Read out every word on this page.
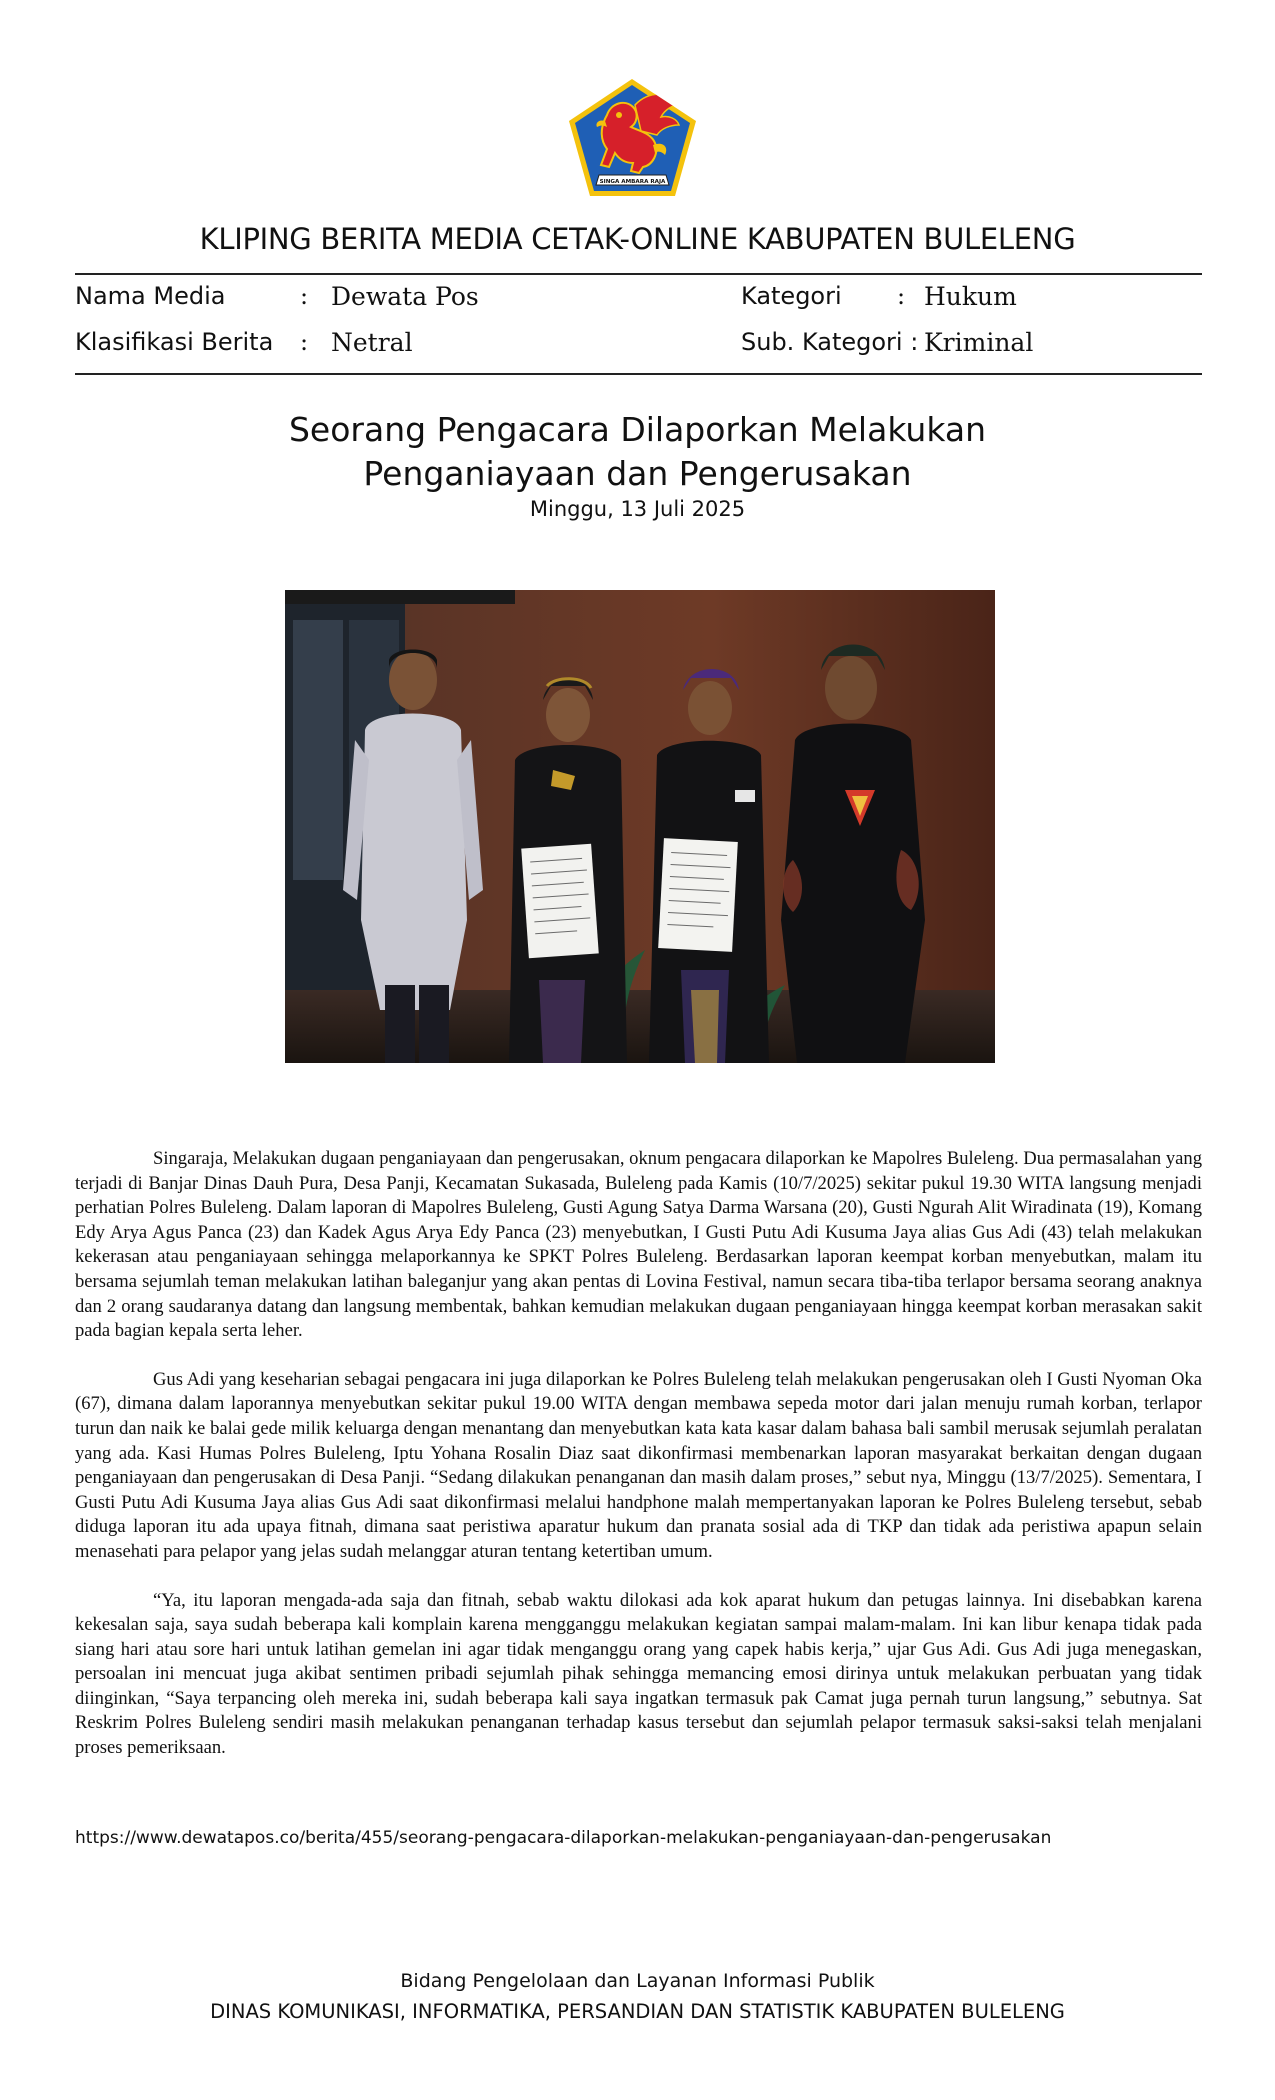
SINGA AMBARA RAJA
KLIPING BERITA MEDIA CETAK-ONLINE KABUPATEN BULELENG
Nama Media	: Dewata Pos	Kategori : Hukum
Klasifikasi Berita : Netral	Sub. Kategori : Kriminal
Seorang Pengacara Dilaporkan Melakukan
Penganiayaan dan Pengerusakan
Minggu, 13 Juli 2025

Singaraja, Melakukan dugaan penganiayaan dan pengerusakan, oknum pengacara dilaporkan ke Mapolres Buleleng. Dua permasalahan yang terjadi di Banjar Dinas Dauh Pura, Desa Panji, Kecamatan Sukasada, Buleleng pada Kamis (10/7/2025) sekitar pukul 19.30 WITA langsung menjadi perhatian Polres Buleleng. Dalam laporan di Mapolres Buleleng, Gusti Agung Satya Darma Warsana (20), Gusti Ngurah Alit Wiradinata (19), Komang Edy Arya Agus Panca (23) dan Kadek Agus Arya Edy Panca (23) menyebutkan, I Gusti Putu Adi Kusuma Jaya alias Gus Adi (43) telah melakukan kekerasan atau penganiayaan sehingga melaporkannya ke SPKT Polres Buleleng. Berdasarkan laporan keempat korban menyebutkan, malam itu bersama sejumlah teman melakukan latihan baleganjur yang akan pentas di Lovina Festival, namun secara tiba-tiba terlapor bersama seorang anaknya dan 2 orang saudaranya datang dan langsung membentak, bahkan kemudian melakukan dugaan penganiayaan hingga keempat korban merasakan sakit pada bagian kepala serta leher.

Gus Adi yang keseharian sebagai pengacara ini juga dilaporkan ke Polres Buleleng telah melakukan pengerusakan oleh I Gusti Nyoman Oka (67), dimana dalam laporannya menyebutkan sekitar pukul 19.00 WITA dengan membawa sepeda motor dari jalan menuju rumah korban, terlapor turun dan naik ke balai gede milik keluarga dengan menantang dan menyebutkan kata kata kasar dalam bahasa bali sambil merusak sejumlah peralatan yang ada. Kasi Humas Polres Buleleng, Iptu Yohana Rosalin Diaz saat dikonfirmasi membenarkan laporan masyarakat berkaitan dengan dugaan penganiayaan dan pengerusakan di Desa Panji. “Sedang dilakukan penanganan dan masih dalam proses,” sebut nya, Minggu (13/7/2025). Sementara, I Gusti Putu Adi Kusuma Jaya alias Gus Adi saat dikonfirmasi melalui handphone malah mempertanyakan laporan ke Polres Buleleng tersebut, sebab diduga laporan itu ada upaya fitnah, dimana saat peristiwa aparatur hukum dan pranata sosial ada di TKP dan tidak ada peristiwa apapun selain menasehati para pelapor yang jelas sudah melanggar aturan tentang ketertiban umum.

“Ya, itu laporan mengada-ada saja dan fitnah, sebab waktu dilokasi ada kok aparat hukum dan petugas lainnya. Ini disebabkan karena kekesalan saja, saya sudah beberapa kali komplain karena mengganggu melakukan kegiatan sampai malam-malam. Ini kan libur kenapa tidak pada siang hari atau sore hari untuk latihan gemelan ini agar tidak menganggu orang yang capek habis kerja,” ujar Gus Adi. Gus Adi juga menegaskan, persoalan ini mencuat juga akibat sentimen pribadi sejumlah pihak sehingga memancing emosi dirinya untuk melakukan perbuatan yang tidak diinginkan, “Saya terpancing oleh mereka ini, sudah beberapa kali saya ingatkan termasuk pak Camat juga pernah turun langsung,” sebutnya. Sat Reskrim Polres Buleleng sendiri masih melakukan penanganan terhadap kasus tersebut dan sejumlah pelapor termasuk saksi-saksi telah menjalani proses pemeriksaan.

https://www.dewatapos.co/berita/455/seorang-pengacara-dilaporkan-melakukan-penganiayaan-dan-pengerusakan
Bidang Pengelolaan dan Layanan Informasi Publik
DINAS KOMUNIKASI, INFORMATIKA, PERSANDIAN DAN STATISTIK KABUPATEN BULELENG
